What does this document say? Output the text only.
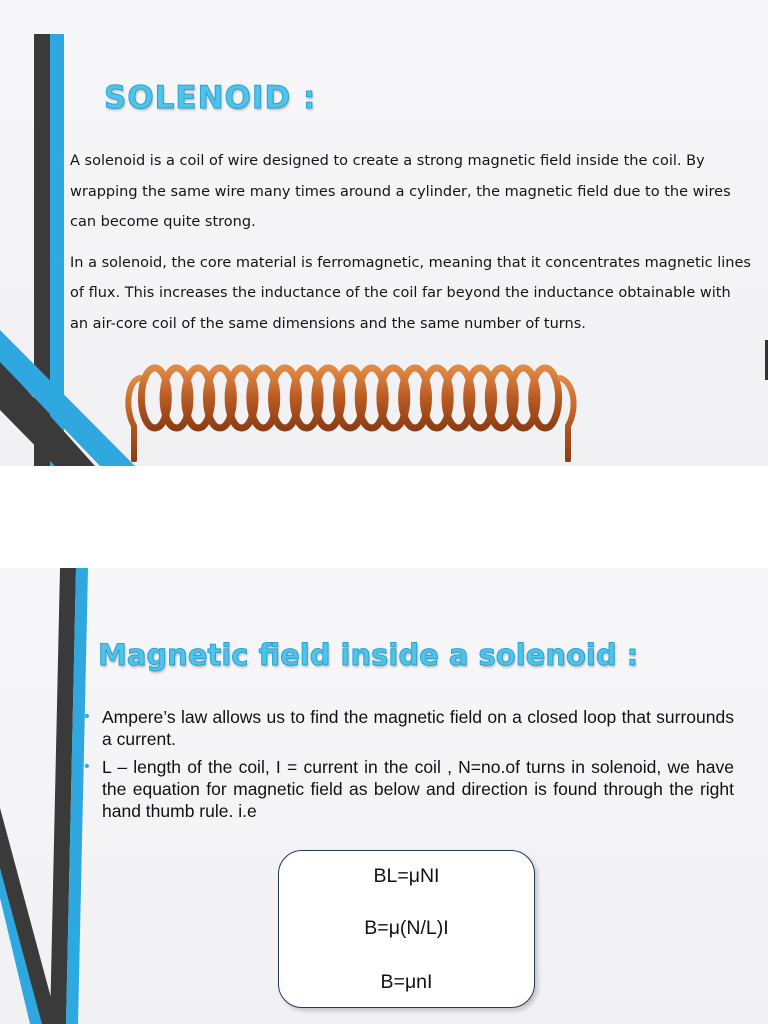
SOLENOID :
• A solenoid is a coil of wire designed to create a strong magnetic field inside the coil. By wrapping the same wire many times around a cylinder, the magnetic field due to the wires can become quite strong.
• In a solenoid, the core material is ferromagnetic, meaning that it concentrates magnetic lines of flux. This increases the inductance of the coil far beyond the inductance obtainable with an air-core coil of the same dimensions and the same number of turns.
Magnetic field inside a solenoid :
• Ampere’s law allows us to find the magnetic field on a closed loop that surrounds a current.
• L – length of the coil, I = current in the coil , N=no.of turns in solenoid, we have the equation for magnetic field as below and direction is found through the right hand thumb rule. i.e
BL=μNI
B=μ(N/L)I
B=μnI
